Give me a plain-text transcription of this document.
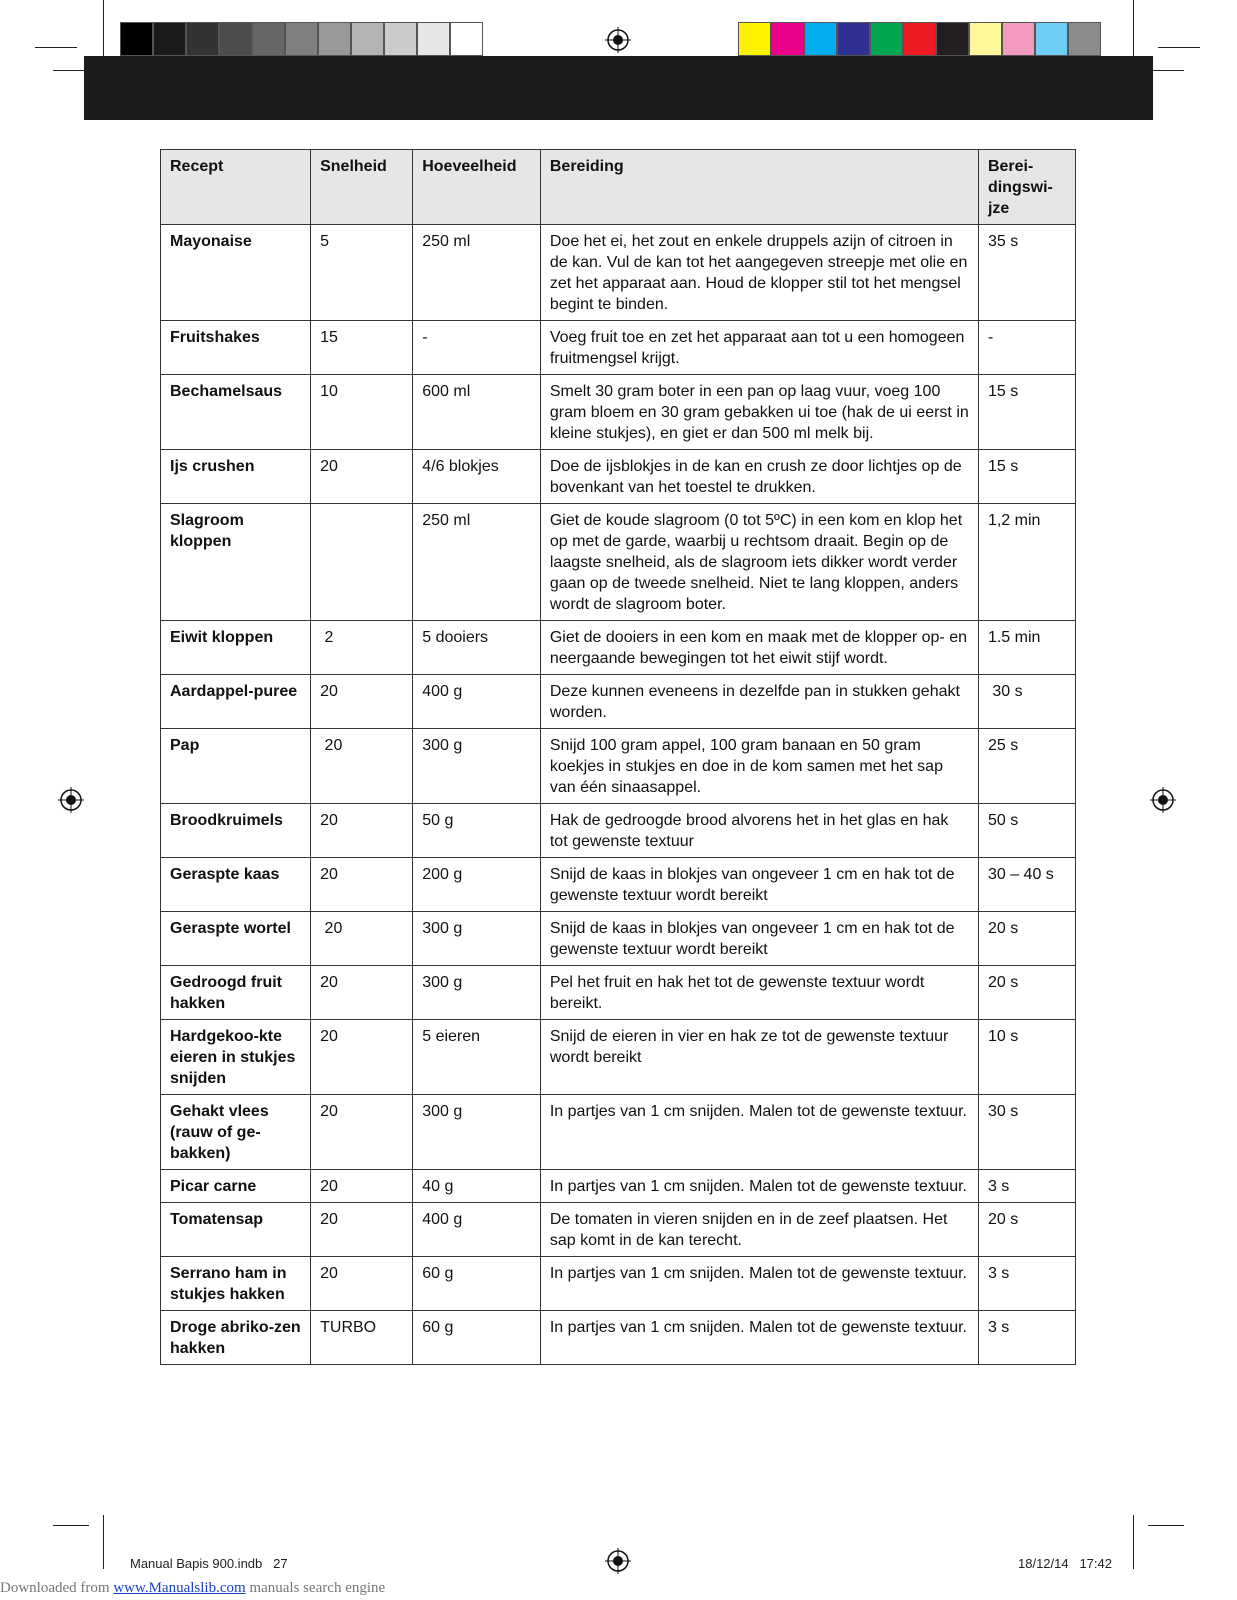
Recept	Snelheid	Hoeveelheid	Bereiding	Berei-dingswi-jze
Mayonaise	5	250 ml	Doe het ei, het zout en enkele druppels azijn of citroen in de kan. Vul de kan tot het aangegeven streepje met olie en zet het apparaat aan. Houd de klopper stil tot het mengsel begint te binden.	35 s
Fruitshakes	15	-	Voeg fruit toe en zet het apparaat aan tot u een homogeen fruitmengsel krijgt.	-
Bechamelsaus	10	600 ml	Smelt 30 gram boter in een pan op laag vuur, voeg 100 gram bloem en 30 gram gebakken ui toe (hak de ui eerst in kleine stukjes), en giet er dan 500 ml melk bij.	15 s
Ijs crushen	20	4/6 blokjes	Doe de ijsblokjes in de kan en crush ze door lichtjes op de bovenkant van het toestel te drukken.	15 s
Slagroom kloppen		250 ml	Giet de koude slagroom (0 tot 5ºC) in een kom en klop het op met de garde, waarbij u rechtsom draait. Begin op de laagste snelheid, als de slagroom iets dikker wordt verder gaan op de tweede snelheid. Niet te lang kloppen, anders wordt de slagroom boter.	1,2 min
Eiwit kloppen	2	5 dooiers	Giet de dooiers in een kom en maak met de klopper op- en neergaande bewegingen tot het eiwit stijf wordt.	1.5 min
Aardappel-puree	20	400 g	Deze kunnen eveneens in dezelfde pan in stukken gehakt worden.	30 s
Pap	20	300 g	Snijd 100 gram appel, 100 gram banaan en 50 gram koekjes in stukjes en doe in de kom samen met het sap van één sinaasappel.	25 s
Broodkruimels	20	50 g	Hak de gedroogde brood alvorens het in het glas en hak tot gewenste textuur	50 s
Geraspte kaas	20	200 g	Snijd de kaas in blokjes van ongeveer 1 cm en hak tot de gewenste textuur wordt bereikt	30 – 40 s
Geraspte wortel	20	300 g	Snijd de kaas in blokjes van ongeveer 1 cm en hak tot de gewenste textuur wordt bereikt	20 s
Gedroogd fruit hakken	20	300 g	Pel het fruit en hak het tot de gewenste textuur wordt bereikt.	20 s
Hardgekoo-kte eieren in stukjes snijden	20	5 eieren	Snijd de eieren in vier en hak ze tot de gewenste textuur wordt bereikt	10 s
Gehakt vlees (rauw of ge-bakken)	20	300 g	In partjes van 1 cm snijden. Malen tot de gewenste textuur.	30 s
Picar carne	20	40 g	In partjes van 1 cm snijden. Malen tot de gewenste textuur.	3 s
Tomatensap	20	400 g	De tomaten in vieren snijden en in de zeef plaatsen. Het sap komt in de kan terecht.	20 s
Serrano ham in stukjes hakken	20	60 g	In partjes van 1 cm snijden. Malen tot de gewenste textuur.	3 s
Droge abriko-zen hakken	TURBO	60 g	In partjes van 1 cm snijden. Malen tot de gewenste textuur.	3 s
Manual Bapis 900.indb   27	18/12/14   17:42
Downloaded from www.Manualslib.com manuals search engine
